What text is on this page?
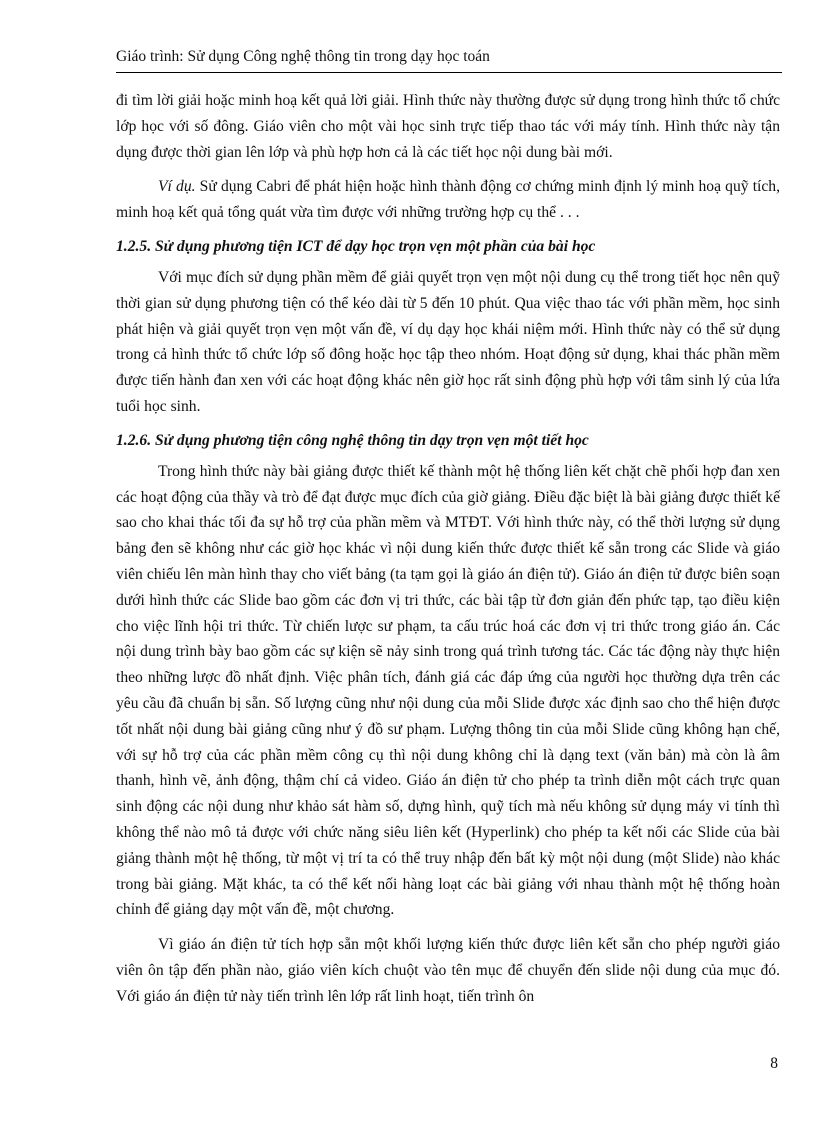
Giáo trình: Sử dụng Công nghệ thông tin trong dạy học toán

đi tìm lời giải hoặc minh hoạ kết quả lời giải. Hình thức này thường được sử dụng trong hình thức tổ chức lớp học với số đông. Giáo viên cho một vài học sinh trực tiếp thao tác với máy tính. Hình thức này tận dụng được thời gian lên lớp và phù hợp hơn cả là các tiết học nội dung bài mới.

Ví dụ. Sử dụng Cabri để phát hiện hoặc hình thành động cơ chứng minh định lý minh hoạ quỹ tích, minh hoạ kết quả tổng quát vừa tìm được với những trường hợp cụ thể . . .

1.2.5. Sử dụng phương tiện ICT để dạy học trọn vẹn một phần của bài học

Với mục đích sử dụng phần mềm để giải quyết trọn vẹn một nội dung cụ thể trong tiết học nên quỹ thời gian sử dụng phương tiện có thể kéo dài từ 5 đến 10 phút. Qua việc thao tác với phần mềm, học sinh phát hiện và giải quyết trọn vẹn một vấn đề, ví dụ dạy học khái niệm mới. Hình thức này có thể sử dụng trong cả hình thức tổ chức lớp số đông hoặc học tập theo nhóm. Hoạt động sử dụng, khai thác phần mềm được tiến hành đan xen với các hoạt động khác nên giờ học rất sinh động phù hợp với tâm sinh lý của lứa tuổi học sinh.

1.2.6. Sử dụng phương tiện công nghệ thông tin dạy trọn vẹn một tiết học

Trong hình thức này bài giảng được thiết kế thành một hệ thống liên kết chặt chẽ phối hợp đan xen các hoạt động của thầy và trò để đạt được mục đích của giờ giảng. Điều đặc biệt là bài giảng được thiết kế sao cho khai thác tối đa sự hỗ trợ của phần mềm và MTĐT. Với hình thức này, có thể thời lượng sử dụng bảng đen sẽ không như các giờ học khác vì nội dung kiến thức được thiết kế sẵn trong các Slide và giáo viên chiếu lên màn hình thay cho viết bảng (ta tạm gọi là giáo án điện tử). Giáo án điện tử được biên soạn dưới hình thức các Slide bao gồm các đơn vị tri thức, các bài tập từ đơn giản đến phức tạp, tạo điều kiện cho việc lĩnh hội tri thức. Từ chiến lược sư phạm, ta cấu trúc hoá các đơn vị tri thức trong giáo án. Các nội dung trình bày bao gồm các sự kiện sẽ nảy sinh trong quá trình tương tác. Các tác động này thực hiện theo những lược đồ nhất định. Việc phân tích, đánh giá các đáp ứng của người học thường dựa trên các yêu cầu đã chuẩn bị sẵn. Số lượng cũng như nội dung của mỗi Slide được xác định sao cho thể hiện được tốt nhất nội dung bài giảng cũng như ý đồ sư phạm. Lượng thông tin của mỗi Slide cũng không hạn chế, với sự hỗ trợ của các phần mềm công cụ thì nội dung không chỉ là dạng text (văn bản) mà còn là âm thanh, hình vẽ, ảnh động, thậm chí cả video. Giáo án điện tử cho phép ta trình diễn một cách trực quan sinh động các nội dung như khảo sát hàm số, dựng hình, quỹ tích mà nếu không sử dụng máy vi tính thì không thể nào mô tả được với chức năng siêu liên kết (Hyperlink) cho phép ta kết nối các Slide của bài giảng thành một hệ thống, từ một vị trí ta có thể truy nhập đến bất kỳ một nội dung (một Slide) nào khác trong bài giảng. Mặt khác, ta có thể kết nối hàng loạt các bài giảng với nhau thành một hệ thống hoàn chỉnh để giảng dạy một vấn đề, một chương.

Vì giáo án điện tử tích hợp sẵn một khối lượng kiến thức được liên kết sẵn cho phép người giáo viên ôn tập đến phần nào, giáo viên kích chuột vào tên mục để chuyển đến slide nội dung của mục đó. Với giáo án điện tử này tiến trình lên lớp rất linh hoạt, tiến trình ôn

8
